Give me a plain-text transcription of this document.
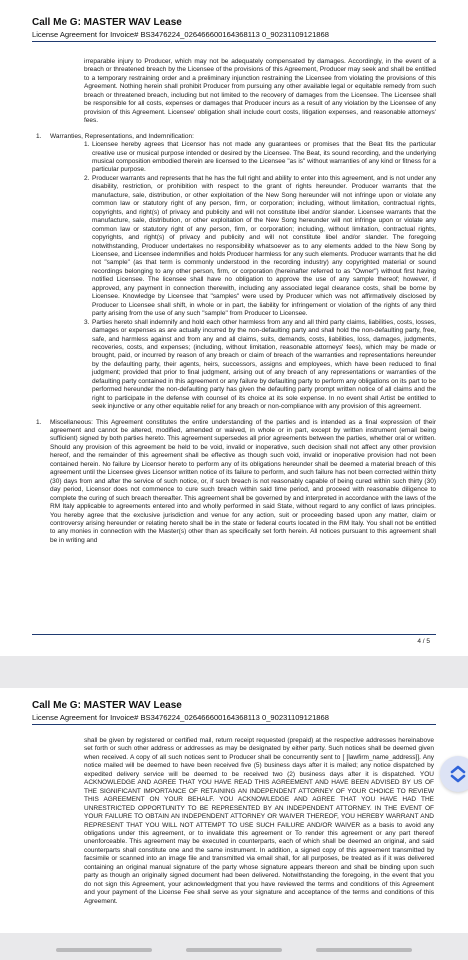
Call Me G: MASTER WAV Lease
License Agreement for Invoice# BS3476224_026466600164368113 0_90231109121868

irreparable injury to Producer, which may not be adequately compensated by damages. Accordingly, in the event of a breach or threatened breach by the Licensee of the provisions of this Agreement, Producer may seek and shall be entitled to a temporary restraining order and a preliminary injunction restraining the Licensee from violating the provisions of this Agreement. Nothing herein shall prohibit Producer from pursuing any other available legal or equitable remedy from such breach or threatened breach, including but not limited to the recovery of damages from the Licensee. The Licensee shall be responsible for all costs, expenses or damages that Producer incurs as a result of any violation by the Licensee of any provision of this Agreement. Licensee' obligation shall include court costs, litigation expenses, and reasonable attorneys' fees.

1. Warranties, Representations, and Indemnification:
1. Licensee hereby agrees that Licensor has not made any guarantees or promises that the Beat fits the particular creative use or musical purpose intended or desired by the Licensee. The Beat, its sound recording, and the underlying musical composition embodied therein are licensed to the Licensee "as is" without warranties of any kind or fitness for a particular purpose.
2. Producer warrants and represents that he has the full right and ability to enter into this agreement, and is not under any disability, restriction, or prohibition with respect to the grant of rights hereunder. Producer warrants that the manufacture, sale, distribution, or other exploitation of the New Song hereunder will not infringe upon or violate any common law or statutory right of any person, firm, or corporation; including, without limitation, contractual rights, copyrights, and right(s) of privacy and publicity and will not constitute libel and/or slander. Licensee warrants that the manufacture, sale, distribution, or other exploitation of the New Song hereunder will not infringe upon or violate any common law or statutory right of any person, firm, or corporation; including, without limitation, contractual rights, copyrights, and right(s) of privacy and publicity and will not constitute libel and/or slander. The foregoing notwithstanding, Producer undertakes no responsibility whatsoever as to any elements added to the New Song by Licensee, and Licensee indemnifies and holds Producer harmless for any such elements. Producer warrants that he did not "sample" (as that term is commonly understood in the recording industry) any copyrighted material or sound recordings belonging to any other person, firm, or corporation (hereinafter referred to as "Owner") without first having notified Licensee. The licensee shall have no obligation to approve the use of any sample thereof; however, if approved, any payment in connection therewith, including any associated legal clearance costs, shall be borne by Licensee. Knowledge by Licensee that "samples" were used by Producer which was not affirmatively disclosed by Producer to Licensee shall shift, in whole or in part, the liability for infringement or violation of the rights of any third party arising from the use of any such "sample" from Producer to Licensee.
3. Parties hereto shall indemnify and hold each other harmless from any and all third party claims, liabilities, costs, losses, damages or expenses as are actually incurred by the non-defaulting party and shall hold the non-defaulting party, free, safe, and harmless against and from any and all claims, suits, demands, costs, liabilities, loss, damages, judgments, recoveries, costs, and expenses; (including, without limitation, reasonable attorneys' fees), which may be made or brought, paid, or incurred by reason of any breach or claim of breach of the warranties and representations hereunder by the defaulting party, their agents, heirs, successors, assigns and employees, which have been reduced to final judgment; provided that prior to final judgment, arising out of any breach of any representations or warranties of the defaulting party contained in this agreement or any failure by defaulting party to perform any obligations on its part to be performed hereunder the non-defaulting party has given the defaulting party prompt written notice of all claims and the right to participate in the defense with counsel of its choice at its sole expense. In no event shall Artist be entitled to seek injunctive or any other equitable relief for any breach or non-compliance with any provision of this agreement.
1. Miscellaneous: This Agreement constitutes the entire understanding of the parties and is intended as a final expression of their agreement and cannot be altered, modified, amended or waived, in whole or in part, except by written instrument (email being sufficient) signed by both parties hereto. This agreement supersedes all prior agreements between the parties, whether oral or written. Should any provision of this agreement be held to be void, invalid or inoperative, such decision shall not affect any other provision hereof, and the remainder of this agreement shall be effective as though such void, invalid or inoperative provision had not been contained herein. No failure by Licensor hereto to perform any of its obligations hereunder shall be deemed a material breach of this agreement until the Licensee gives Licensor written notice of its failure to perform, and such failure has not been corrected within thirty (30) days from and after the service of such notice, or, if such breach is not reasonably capable of being cured within such thirty (30) day period, Licensor does not commence to cure such breach within said time period, and proceed with reasonable diligence to complete the curing of such breach thereafter. This agreement shall be governed by and interpreted in accordance with the laws of the RM Italy applicable to agreements entered into and wholly performed in said State, without regard to any conflict of laws principles. You hereby agree that the exclusive jurisdiction and venue for any action, suit or proceeding based upon any matter, claim or controversy arising hereunder or relating hereto shall be in the state or federal courts located in the RM Italy. You shall not be entitled to any monies in connection with the Master(s) other than as specifically set forth herein. All notices pursuant to this agreement shall be in writing and
4 / 5
Call Me G: MASTER WAV Lease
License Agreement for Invoice# BS3476224_026466600164368113 0_90231109121868

shall be given by registered or certified mail, return receipt requested (prepaid) at the respective addresses hereinabove set forth or such other address or addresses as may be designated by either party. Such notices shall be deemed given when received. A copy of all such notices sent to Producer shall be concurrently sent to [ [lawfirm_name_address]]. Any notice mailed will be deemed to have been received five (5) business days after it is mailed; any notice dispatched by expedited delivery service will be deemed to be received two (2) business days after it is dispatched. YOU ACKNOWLEDGE AND AGREE THAT YOU HAVE READ THIS AGREEMENT AND HAVE BEEN ADVISED BY US OF THE SIGNIFICANT IMPORTANCE OF RETAINING AN INDEPENDENT ATTORNEY OF YOUR CHOICE TO REVIEW THIS AGREEMENT ON YOUR BEHALF. YOU ACKNOWLEDGE AND AGREE THAT YOU HAVE HAD THE UNRESTRICTED OPPORTUNITY TO BE REPRESENTED BY AN INDEPENDENT ATTORNEY. IN THE EVENT OF YOUR FAILURE TO OBTAIN AN INDEPENDENT ATTORNEY OR WAIVER THEREOF, YOU HEREBY WARRANT AND REPRESENT THAT YOU WILL NOT ATTEMPT TO USE SUCH FAILURE AND/OR WAIVER as a basis to avoid any obligations under this agreement, or to invalidate this agreement or To render this agreement or any part thereof unenforceable. This agreement may be executed in counterparts, each of which shall be deemed an original, and said counterparts shall constitute one and the same instrument. In addition, a signed copy of this agreement transmitted by facsimile or scanned into an image file and transmitted via email shall, for all purposes, be treated as if it was delivered containing an original manual signature of the party whose signature appears thereon and shall be binding upon such party as though an originally signed document had been delivered. Notwithstanding the foregoing, in the event that you do not sign this Agreement, your acknowledgment that you have reviewed the terms and conditions of this Agreement and your payment of the License Fee shall serve as your signature and acceptance of the terms and conditions of this Agreement.
